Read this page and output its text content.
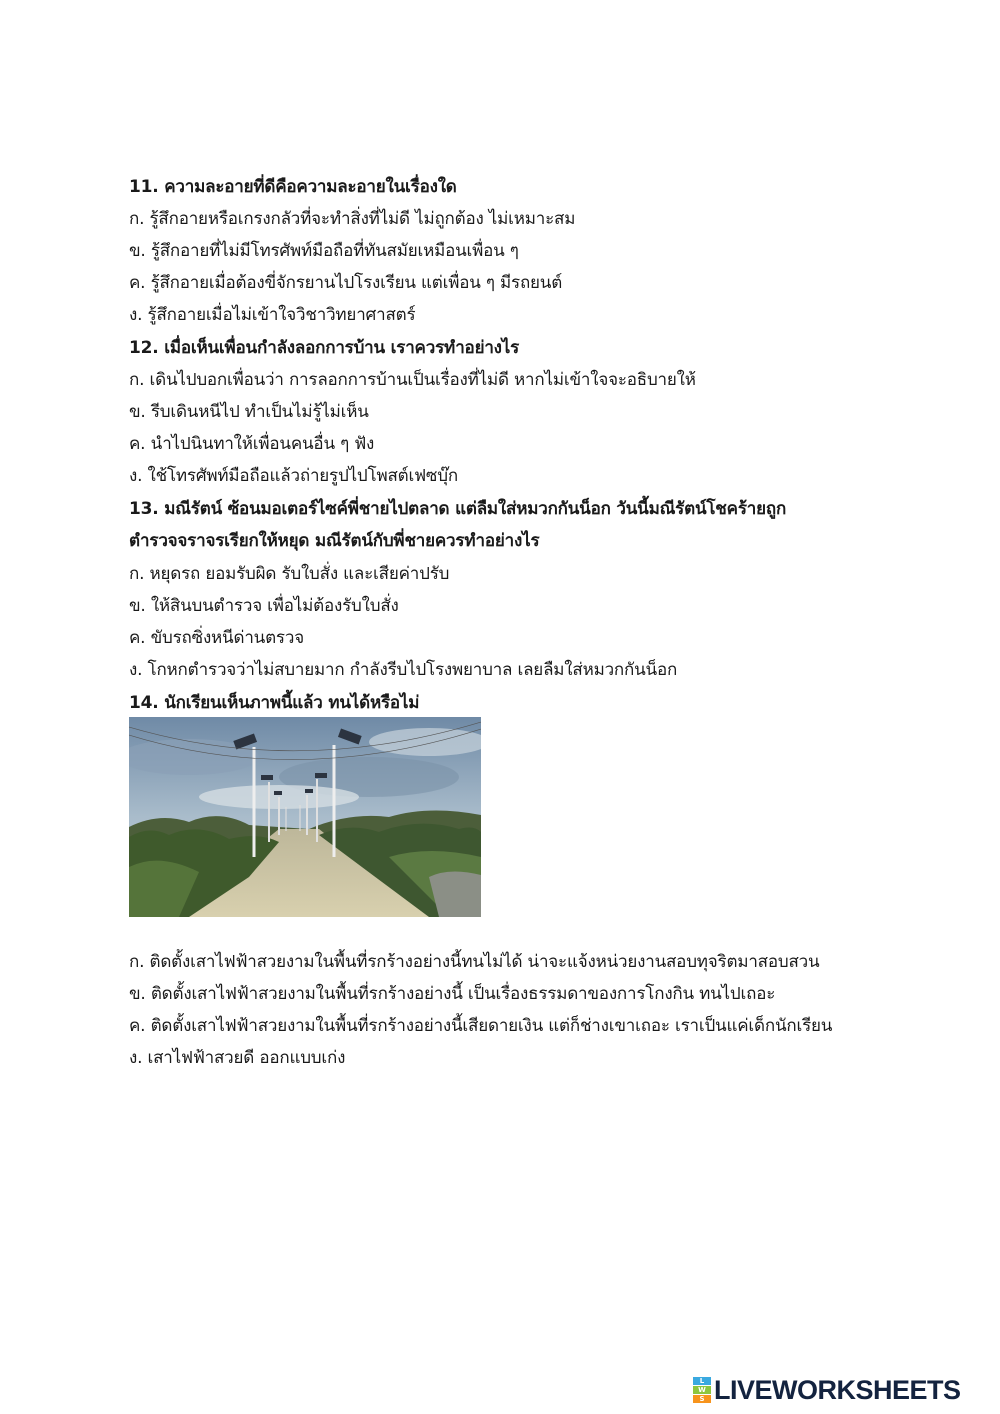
11. ความละอายที่ดีคือความละอายในเรื่องใด
ก. รู้สึกอายหรือเกรงกลัวที่จะทำสิ่งที่ไม่ดี ไม่ถูกต้อง ไม่เหมาะสม
ข. รู้สึกอายที่ไม่มีโทรศัพท์มือถือที่ทันสมัยเหมือนเพื่อน ๆ
ค. รู้สึกอายเมื่อต้องขี่จักรยานไปโรงเรียน แต่เพื่อน ๆ มีรถยนต์
ง. รู้สึกอายเมื่อไม่เข้าใจวิชาวิทยาศาสตร์
12. เมื่อเห็นเพื่อนกำลังลอกการบ้าน เราควรทำอย่างไร
ก. เดินไปบอกเพื่อนว่า การลอกการบ้านเป็นเรื่องที่ไม่ดี หากไม่เข้าใจจะอธิบายให้
ข. รีบเดินหนีไป ทำเป็นไม่รู้ไม่เห็น
ค. นำไปนินทาให้เพื่อนคนอื่น ๆ ฟัง
ง. ใช้โทรศัพท์มือถือแล้วถ่ายรูปไปโพสต์เฟซบุ๊ก
13. มณีรัตน์ ซ้อนมอเตอร์ไซค์พี่ชายไปตลาด แต่ลืมใส่หมวกกันน็อก วันนี้มณีรัตน์โชคร้ายถูก
ตำรวจจราจรเรียกให้หยุด มณีรัตน์กับพี่ชายควรทำอย่างไร
ก. หยุดรถ ยอมรับผิด รับใบสั่ง และเสียค่าปรับ
ข. ให้สินบนตำรวจ เพื่อไม่ต้องรับใบสั่ง
ค. ขับรถซิ่งหนีด่านตรวจ
ง. โกหกตำรวจว่าไม่สบายมาก กำลังรีบไปโรงพยาบาล เลยลืมใส่หมวกกันน็อก
14. นักเรียนเห็นภาพนี้แล้ว ทนได้หรือไม่
ก. ติดตั้งเสาไฟฟ้าสวยงามในพื้นที่รกร้างอย่างนี้ทนไม่ได้ น่าจะแจ้งหน่วยงานสอบทุจริตมาสอบสวน
ข. ติดตั้งเสาไฟฟ้าสวยงามในพื้นที่รกร้างอย่างนี้ เป็นเรื่องธรรมดาของการโกงกิน ทนไปเถอะ
ค. ติดตั้งเสาไฟฟ้าสวยงามในพื้นที่รกร้างอย่างนี้เสียดายเงิน แต่ก็ช่างเขาเถอะ เราเป็นแค่เด็กนักเรียน
ง. เสาไฟฟ้าสวยดี ออกแบบเก่ง
L
W
S LIVEWORKSHEETS
